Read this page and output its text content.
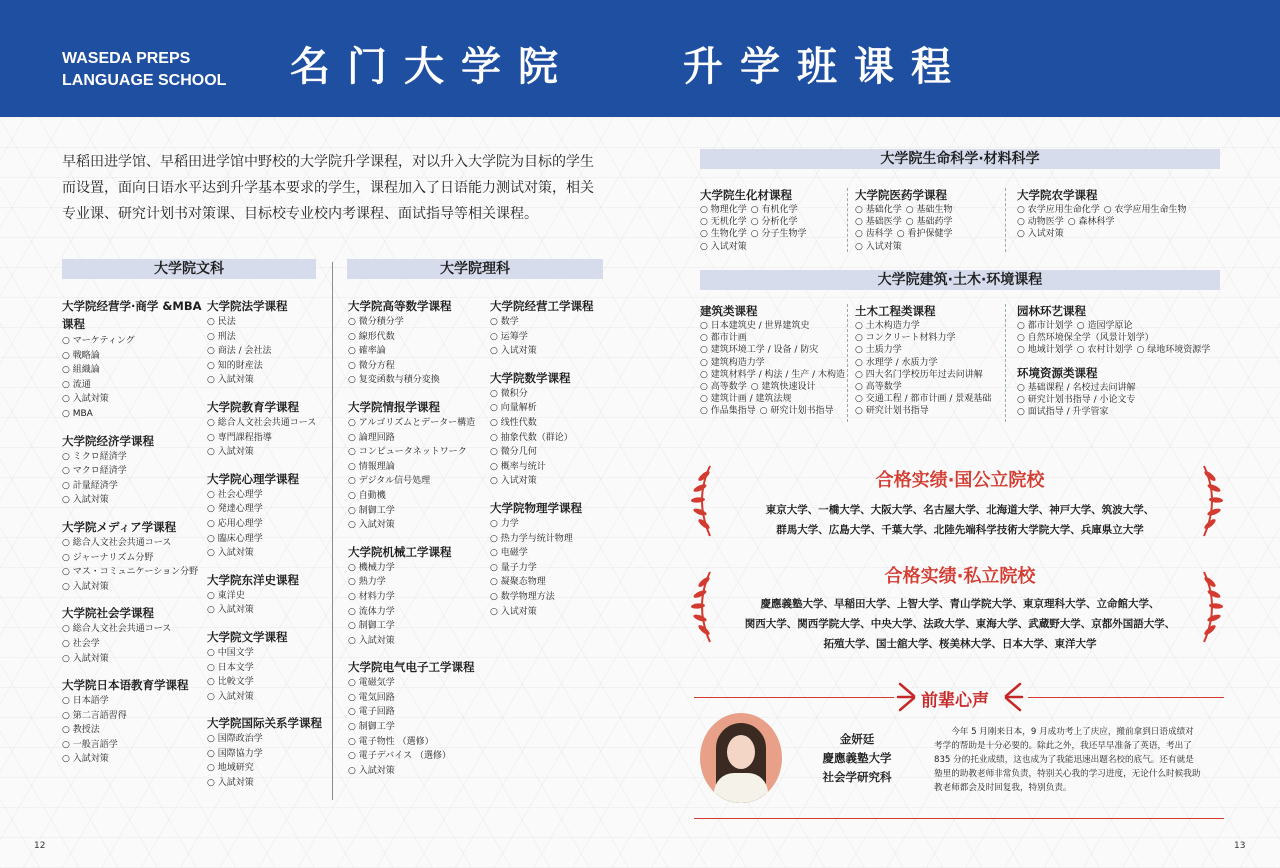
WASEDA PREPS
LANGUAGE SCHOOL 名门大学院	升学班课程
早稻田进学馆、早稻田进学馆中野校的大学院升学课程，对以升入大学院为目标的学生而设置，面向日语水平达到升学基本要求的学生，课程加入了日语能力测试对策，相关专业课、研究计划书对策课、目标校专业校内考课程、面试指导等相关课程。
大学院文科
大学院经营学·商学 &MBA 课程
○ マーケティング
○ 戦略論
○ 組織論
○ 流通
○ 入試対策
○ MBA
大学院经济学课程
○ ミクロ経済学
○ マクロ経済学
○ 計量経済学
○ 入試対策
大学院メディア学课程
○ 総合人文社会共通コース
○ ジャーナリズム分野
○ マス・コミュニケーション分野
○ 入試対策
大学院社会学课程
○ 総合人文社会共通コース
○ 社会学
○ 入試対策
大学院日本语教育学课程
○ 日本語学
○ 第二言語習得
○ 教授法
○ 一般言語学
○ 入試対策
大学院法学课程
○ 民法
○ 刑法
○ 商法 / 会社法
○ 知的財産法
○ 入試対策
大学院教育学课程
○ 総合人文社会共通コース
○ 専門課程指導
○ 入試対策
大学院心理学课程
○ 社会心理学
○ 発達心理学
○ 応用心理学
○ 臨床心理学
○ 入試対策
大学院东洋史课程
○ 東洋史
○ 入試対策
大学院文学课程
○ 中国文学
○ 日本文学
○ 比較文学
○ 入試対策
大学院国际关系学课程
○ 国際政治学
○ 国際協力学
○ 地域研究
○ 入試対策
大学院理科
大学院高等数学课程
○ 微分積分学
○ 線形代数
○ 確率論
○ 微分方程
○ 复変函数与積分変換
大学院情报学课程
○ アルゴリズムとデーター構造
○ 論理回路
○ コンピュータネットワーク
○ 情報理論
○ デジタル信号処理
○ 自動機
○ 制御工学
○ 入試対策
大学院机械工学课程
○ 機械力学
○ 熱力学
○ 材料力学
○ 流体力学
○ 制御工学
○ 入試対策
大学院电气电子工学课程
○ 電磁気学
○ 電気回路
○ 電子回路
○ 制御工学
○ 電子物性 （選修）
○ 電子デバイス （選修）
○ 入試対策
大学院经营工学课程
○ 数学
○ 运筹学
○ 入试对策
大学院数学课程
○ 微积分
○ 向量解析
○ 线性代数
○ 抽象代数（群论）
○ 微分几何
○ 概率与统计
○ 入试对策
大学院物理学课程
○ 力学
○ 热力学与统计物理
○ 电磁学
○ 量子力学
○ 凝聚态物理
○ 数学物理方法
○ 入试对策
大学院生命科学·材料科学
大学院生化材课程
○ 物理化学 ○ 有机化学
○ 无机化学 ○ 分析化学
○ 生物化学 ○ 分子生物学
○ 入试对策
大学院医药学课程
○ 基础化学 ○ 基础生物
○ 基础医学 ○ 基础药学
○ 齿科学 ○ 看护保健学
○ 入试对策
大学院农学课程
○ 农学应用生命化学 ○ 农学应用生命生物
○ 动物医学 ○ 森林科学
○ 入试对策
大学院建筑·土木·环境课程
建筑类课程
○ 日本建筑史 / 世界建筑史
○ 都市计画
○ 建筑环境工学 / 设备 / 防灾
○ 建筑构造力学
○ 建筑材料学 / 构法 / 生产 / 木构造
○ 高等数学 ○ 建筑快速设计
○ 建筑计画 / 建筑法规
○ 作品集指导 ○ 研究计划书指导
土木工程类课程
○ 土木构造力学
○ コンクリート材料力学
○ 土质力学
○ 水理学 / 水质力学
○ 四大名门学校历年过去问讲解
○ 高等数学
○ 交通工程 / 都市计画 / 景观基础
○ 研究计划书指导
园林环艺课程
○ 都市计划学 ○ 造园学原论
○ 自然环境保全学（风景计划学）
○ 地域计划学 ○ 农村计划学 ○ 绿地环境资源学
环境资源类课程
○ 基础课程 / 名校过去问讲解
○ 研究计划书指导 / 小论文专
○ 面试指导 / 升学管家
合格实绩·国公立院校
東京大学、一橋大学、大阪大学、名古屋大学、北海道大学、神戸大学、筑波大学、
群馬大学、広島大学、千葉大学、北陸先端科学技術大学院大学、兵庫県立大学
合格实绩·私立院校
慶應義塾大学、早稲田大学、上智大学、青山学院大学、東京理科大学、立命館大学、
関西大学、関西学院大学、中央大学、法政大学、東海大学、武蔵野大学、京都外国語大学、
拓殖大学、国士舘大学、桜美林大学、日本大学、東洋大学
前辈心声
金妍廷
慶應義塾大学
社会学研究科
今年 5 月刚来日本，9 月成功考上了庆应，搬前拿到日语成绩对考学的帮助是十分必要的。除此之外，我还早早准备了英语，考出了 835 分的托业成绩，这也成为了我能迅速出题名校的底气。还有就是塾里的助教老师非常负责，特别关心我的学习进度，无论什么时候我助教老师都会及时回复我，特别负责。
12	13
